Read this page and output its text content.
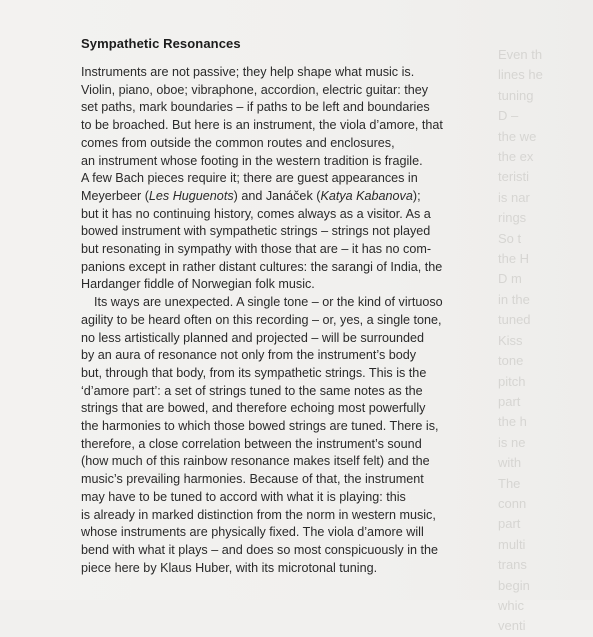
Even th
lines he
tuning
D –
the we
the ex
teristi
is nar
rings
So t
the H
D m
in the
tuned
Kiss
tone
pitch
part
the h
is ne
with
The
conn
part
multi
trans
begin
whic
venti
Sympathetic Resonances

Instruments are not passive; they help shape what music is.
Violin, piano, oboe; vibraphone, accordion, electric guitar: they
set paths, mark boundaries – if paths to be left and boundaries
to be broached. But here is an instrument, the viola d’amore, that
comes from outside the common routes and enclosures,
an instrument whose footing in the western tradition is fragile.
A few Bach pieces require it; there are guest appearances in
Meyerbeer (Les Huguenots) and Janáček (Katya Kabanova);
but it has no continuing history, comes always as a visitor. As a
bowed instrument with sympathetic strings – strings not played
but resonating in sympathy with those that are – it has no com-
panions except in rather distant cultures: the sarangi of India, the
Hardanger fiddle of Norwegian folk music.

Its ways are unexpected. A single tone – or the kind of virtuoso
agility to be heard often on this recording – or, yes, a single tone,
no less artistically planned and projected – will be surrounded
by an aura of resonance not only from the instrument’s body
but, through that body, from its sympathetic strings. This is the
‘d’amore part’: a set of strings tuned to the same notes as the
strings that are bowed, and therefore echoing most powerfully
the harmonies to which those bowed strings are tuned. There is,
therefore, a close correlation between the instrument’s sound
(how much of this rainbow resonance makes itself felt) and the
music’s prevailing harmonies. Because of that, the instrument
may have to be tuned to accord with what it is playing: this
is already in marked distinction from the norm in western music,
whose instruments are physically fixed. The viola d’amore will
bend with what it plays – and does so most conspicuously in the
piece here by Klaus Huber, with its microtonal tuning.
